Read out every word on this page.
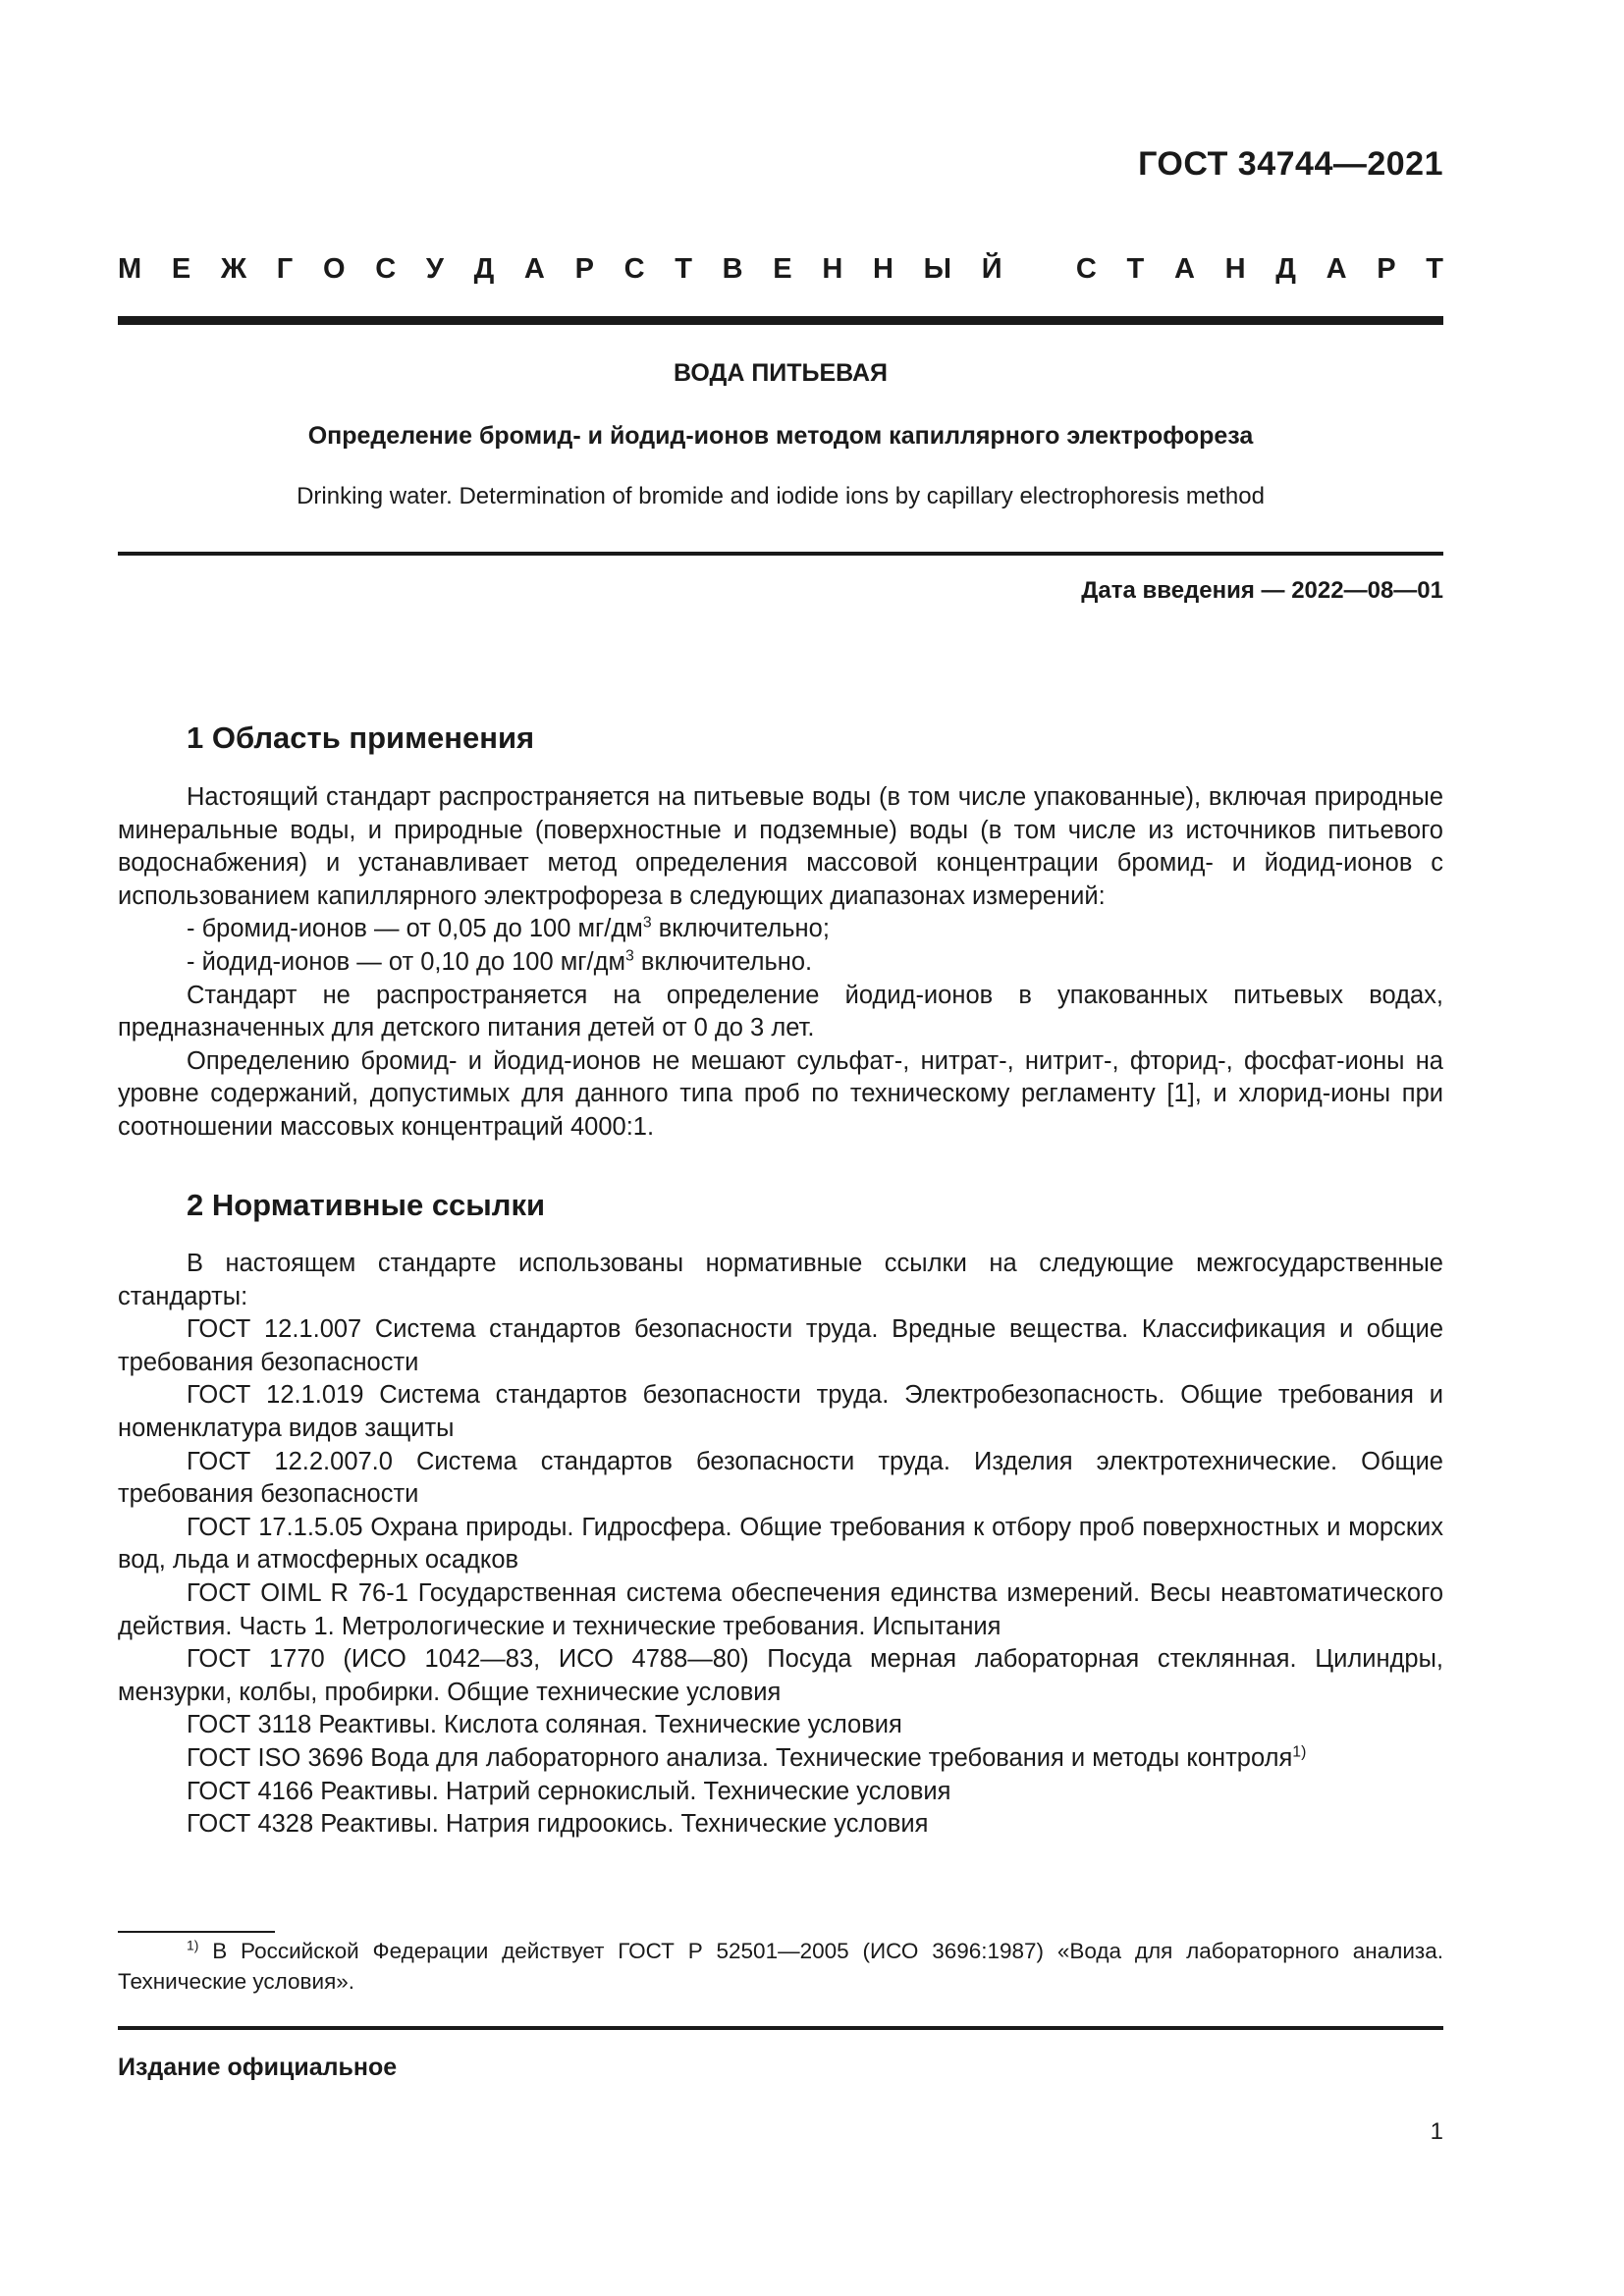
ГОСТ 34744—2021
М Е Ж Г О С У Д А Р С Т В Е Н Н Ы Й	С Т А Н Д А Р Т
ВОДА ПИТЬЕВАЯ
Определение бромид- и йодид-ионов методом капиллярного электрофореза
Drinking water. Determination of bromide and iodide ions by capillary electrophoresis method
Дата введения — 2022—08—01
1 Область применения

Настоящий стандарт распространяется на питьевые воды (в том числе упакованные), включая природные минеральные воды, и природные (поверхностные и подземные) воды (в том числе из источников питьевого водоснабжения) и устанавливает метод определения массовой концентрации бромид- и йодид-ионов с использованием капиллярного электрофореза в следующих диапазонах измерений:

- бромид-ионов — от 0,05 до 100 $мг/дм^3$ включительно;
- йодид-ионов — от 0,10 до 100 $мг/дм^3$ включительно.

Стандарт не распространяется на определение йодид-ионов в упакованных питьевых водах, предназначенных для детского питания детей от 0 до 3 лет.

Определению бромид- и йодид-ионов не мешают сульфат-, нитрат-, нитрит-, фторид-, фосфат-ионы на уровне содержаний, допустимых для данного типа проб по техническому регламенту [1], и хлорид-ионы при соотношении массовых концентраций 4000:1.

2 Нормативные ссылки

В настоящем стандарте использованы нормативные ссылки на следующие межгосударственные стандарты:

ГОСТ 12.1.007 Система стандартов безопасности труда. Вредные вещества. Классификация и общие требования безопасности
ГОСТ 12.1.019 Система стандартов безопасности труда. Электробезопасность. Общие требования и номенклатура видов защиты
ГОСТ 12.2.007.0 Система стандартов безопасности труда. Изделия электротехнические. Общие требования безопасности
ГОСТ 17.1.5.05 Охрана природы. Гидросфера. Общие требования к отбору проб поверхностных и морских вод, льда и атмосферных осадков
ГОСТ OIML R 76-1 Государственная система обеспечения единства измерений. Весы неавтоматического действия. Часть 1. Метрологические и технические требования. Испытания
ГОСТ 1770 (ИСО 1042—83, ИСО 4788—80) Посуда мерная лабораторная стеклянная. Цилиндры, мензурки, колбы, пробирки. Общие технические условия
ГОСТ 3118 Реактивы. Кислота соляная. Технические условия
ГОСТ ISO 3696 Вода для лабораторного анализа. Технические требования и методы контроля$^{1)}$
ГОСТ 4166 Реактивы. Натрий сернокислый. Технические условия
ГОСТ 4328 Реактивы. Натрия гидроокись. Технические условия
$^{1)}$ В Российской Федерации действует ГОСТ Р 52501—2005 (ИСО 3696:1987) «Вода для лабораторного анализа. Технические условия».
Издание официальное
1
